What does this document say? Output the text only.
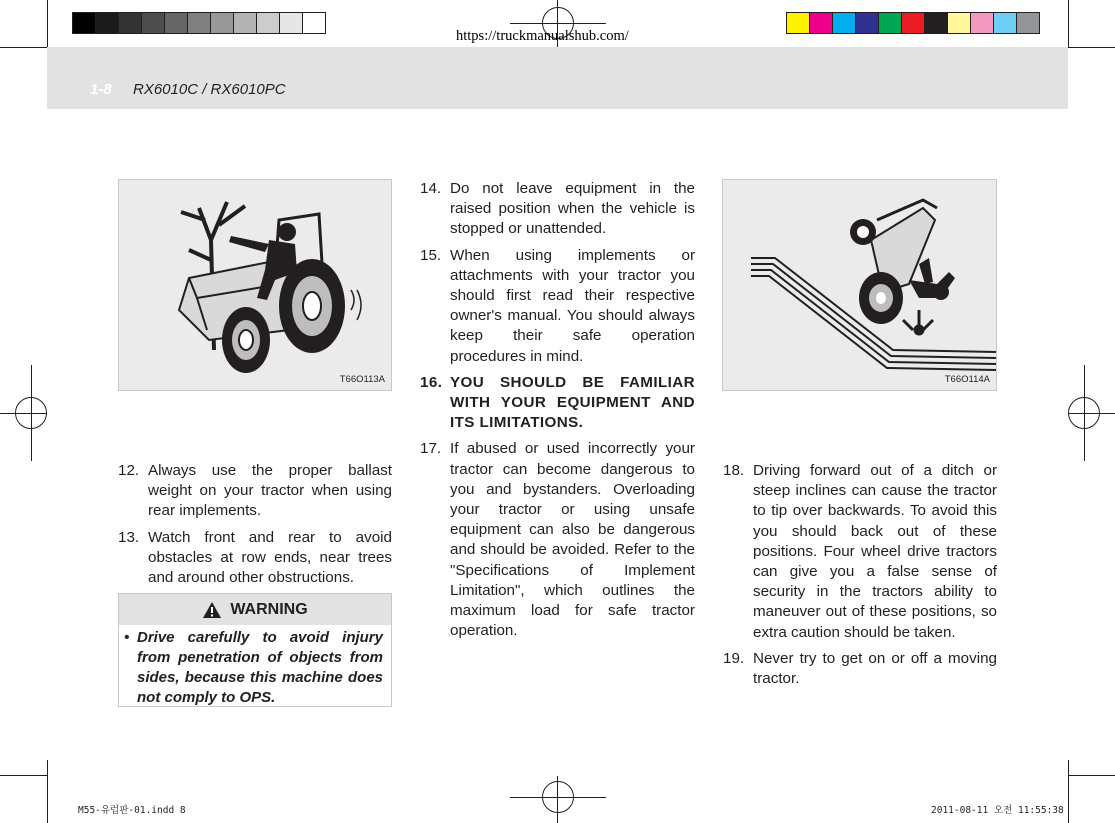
https://truckmanualshub.com/
1-8 RX6010C / RX6010PC
T66O113A	T66O114A
12. Always use the proper ballast weight on your tractor when using rear implements.
13. Watch front and rear to avoid obstacles at row ends, near trees and around other obstructions.
WARNING
• Drive carefully to avoid injury from penetration of objects from sides, because this machine does not comply to OPS.
14. Do not leave equipment in the raised position when the vehicle is stopped or unattended.
15. When using implements or attachments with your tractor you should first read their respective owner's manual. You should always keep their safe operation procedures in mind.
16. YOU SHOULD BE FAMILIAR WITH YOUR EQUIPMENT AND ITS LIMITATIONS.
17. If abused or used incorrectly your tractor can become dangerous to you and bystanders. Overloading your tractor or using unsafe equipment can also be dangerous and should be avoided. Refer to the "Specifications of Implement Limitation", which outlines the maximum load for safe tractor operation.
18. Driving forward out of a ditch or steep inclines can cause the tractor to tip over backwards. To avoid this you should back out of these positions. Four wheel drive tractors can give you a false sense of security in the tractors ability to maneuver out of these positions, so extra caution should be taken.
19. Never try to get on or off a moving tractor.
M55-유럽판-01.indd 8	2011-08-11 오전 11:55:38
